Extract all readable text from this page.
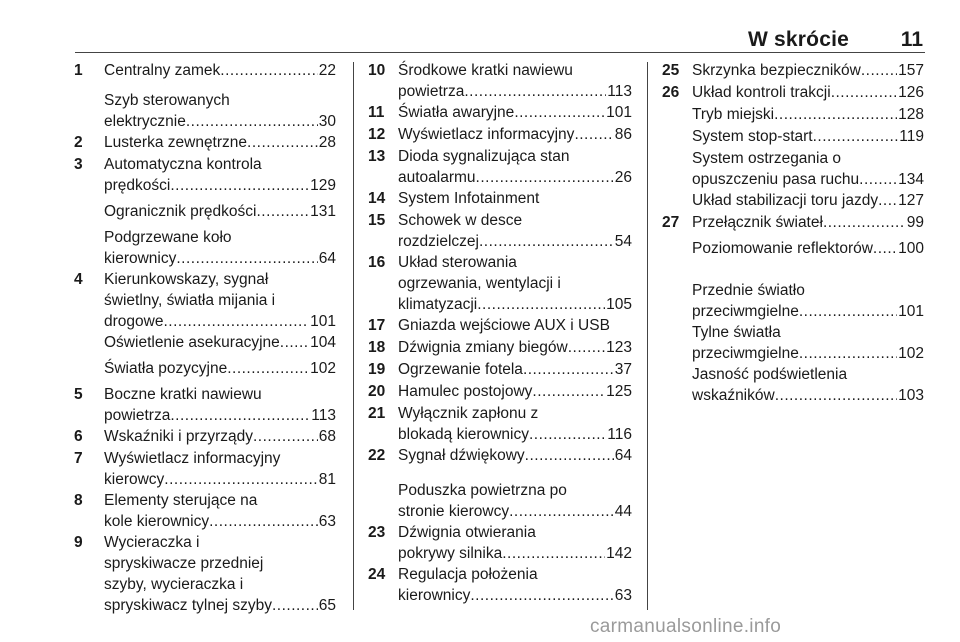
W skrócie 11
1 Centralny zamek .....	22
Szyb sterowanych
elektrycznie .....	30
2 Lusterka zewnętrzne .....	28
3 Automatyczna kontrola
prędkości .....	129
Ogranicznik prędkości .....	131
Podgrzewane koło
kierownicy .....	64
4 Kierunkowskazy, sygnał
świetlny, światła mijania i
drogowe .....	101
Oświetlenie asekuracyjne ..... 104
Światła pozycyjne .....	102
5 Boczne kratki nawiewu
powietrza .....	113
6 Wskaźniki i przyrządy .....	68
7 Wyświetlacz informacyjny
kierowcy .....	81
8 Elementy sterujące na
kole kierownicy .....	63
9 Wycieraczka i
spryskiwacze przedniej
szyby, wycieraczka i
spryskiwacz tylnej szyby .....	65
10 Środkowe kratki nawiewu
powietrza .....	113
11 Światła awaryjne .....	101
12 Wyświetlacz informacyjny .....	86
13 Dioda sygnalizująca stan
autoalarmu .....	26
14 System Infotainment
15 Schowek w desce
rozdzielczej .....	54
16 Układ sterowania
ogrzewania, wentylacji i
klimatyzacji .....	105
17 Gniazda wejściowe AUX i USB
18 Dźwignia zmiany biegów ..... 123
19 Ogrzewanie fotela .....	37
20 Hamulec postojowy .....	125
21 Wyłącznik zapłonu z
blokadą kierownicy .....	116
22 Sygnał dźwiękowy .....	64
Poduszka powietrzna po
stronie kierowcy .....	44
23 Dźwignia otwierania
pokrywy silnika .....	142
24 Regulacja położenia
kierownicy .....	63
25 Skrzynka bezpieczników ..... 157
26 Układ kontroli trakcji .....	126
Tryb miejski .....	128
System stop-start .....	119
System ostrzegania o
opuszczeniu pasa ruchu .....	134
Układ stabilizacji toru jazdy ..... 127
27 Przełącznik świateł .....	99
Poziomowanie reflektorów ..... 100
Przednie światło
przeciwmgielne .....	101
Tylne światła
przeciwmgielne .....	102
Jasność podświetlenia
wskaźników .....	103
carmanualsonline.info
